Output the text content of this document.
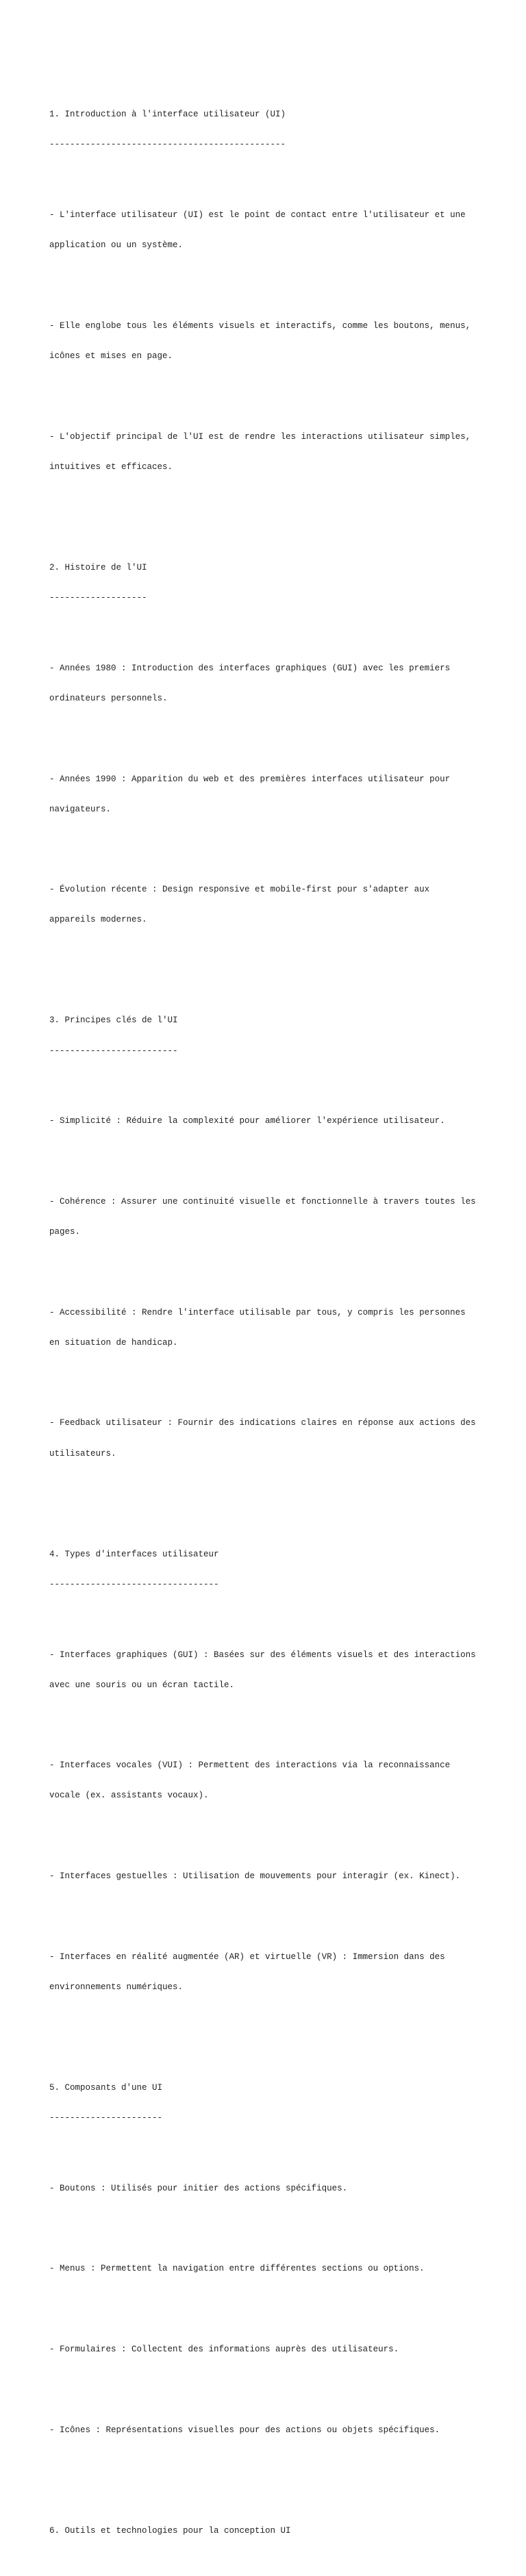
1. Introduction à l'interface utilisateur (UI)

----------------------------------------------

- L'interface utilisateur (UI) est le point de contact entre l'utilisateur et une

application ou un système.

- Elle englobe tous les éléments visuels et interactifs, comme les boutons, menus,

icônes et mises en page.

- L'objectif principal de l'UI est de rendre les interactions utilisateur simples,

intuitives et efficaces.

2. Histoire de l'UI

-------------------

- Années 1980 : Introduction des interfaces graphiques (GUI) avec les premiers

ordinateurs personnels.

- Années 1990 : Apparition du web et des premières interfaces utilisateur pour

navigateurs.

- Évolution récente : Design responsive et mobile-first pour s'adapter aux

appareils modernes.

3. Principes clés de l'UI

-------------------------

- Simplicité : Réduire la complexité pour améliorer l'expérience utilisateur.

- Cohérence : Assurer une continuité visuelle et fonctionnelle à travers toutes les

pages.

- Accessibilité : Rendre l'interface utilisable par tous, y compris les personnes

en situation de handicap.

- Feedback utilisateur : Fournir des indications claires en réponse aux actions des

utilisateurs.

4. Types d'interfaces utilisateur

---------------------------------

- Interfaces graphiques (GUI) : Basées sur des éléments visuels et des interactions

avec une souris ou un écran tactile.

- Interfaces vocales (VUI) : Permettent des interactions via la reconnaissance

vocale (ex. assistants vocaux).

- Interfaces gestuelles : Utilisation de mouvements pour interagir (ex. Kinect).

- Interfaces en réalité augmentée (AR) et virtuelle (VR) : Immersion dans des

environnements numériques.

5. Composants d'une UI

----------------------

- Boutons : Utilisés pour initier des actions spécifiques.

- Menus : Permettent la navigation entre différentes sections ou options.

- Formulaires : Collectent des informations auprès des utilisateurs.

- Icônes : Représentations visuelles pour des actions ou objets spécifiques.

6. Outils et technologies pour la conception UI
